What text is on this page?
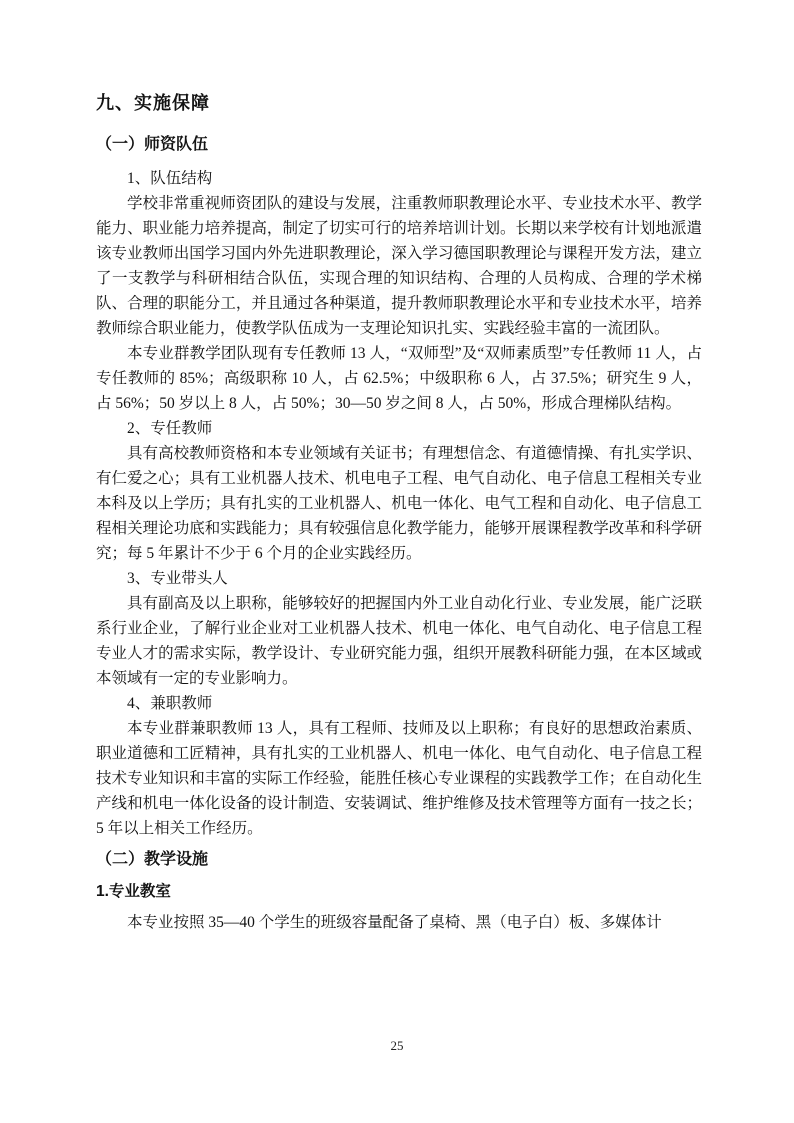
九、实施保障
（一）师资队伍

1、队伍结构

学校非常重视师资团队的建设与发展，注重教师职教理论水平、专业技术水平、教学能力、职业能力培养提高，制定了切实可行的培养培训计划。长期以来学校有计划地派遣该专业教师出国学习国内外先进职教理论，深入学习德国职教理论与课程开发方法，建立了一支教学与科研相结合队伍，实现合理的知识结构、合理的人员构成、合理的学术梯队、合理的职能分工，并且通过各种渠道，提升教师职教理论水平和专业技术水平，培养教师综合职业能力，使教学队伍成为一支理论知识扎实、实践经验丰富的一流团队。

本专业群教学团队现有专任教师 13 人，“双师型”及“双师素质型”专任教师 11 人，占专任教师的 85%；高级职称 10 人，占 62.5%；中级职称 6 人，占 37.5%；研究生 9 人，占 56%；50 岁以上 8 人，占 50%；30—50 岁之间 8 人，占 50%，形成合理梯队结构。

2、专任教师

具有高校教师资格和本专业领域有关证书；有理想信念、有道德情操、有扎实学识、有仁爱之心；具有工业机器人技术、机电电子工程、电气自动化、电子信息工程相关专业本科及以上学历；具有扎实的工业机器人、机电一体化、电气工程和自动化、电子信息工程相关理论功底和实践能力；具有较强信息化教学能力，能够开展课程教学改革和科学研究；每 5 年累计不少于 6 个月的企业实践经历。

3、专业带头人

具有副高及以上职称，能够较好的把握国内外工业自动化行业、专业发展，能广泛联系行业企业，了解行业企业对工业机器人技术、机电一体化、电气自动化、电子信息工程专业人才的需求实际，教学设计、专业研究能力强，组织开展教科研能力强，在本区域或本领域有一定的专业影响力。

4、兼职教师

本专业群兼职教师 13 人，具有工程师、技师及以上职称；有良好的思想政治素质、职业道德和工匠精神，具有扎实的工业机器人、机电一体化、电气自动化、电子信息工程技术专业知识和丰富的实际工作经验，能胜任核心专业课程的实践教学工作；在自动化生产线和机电一体化设备的设计制造、安装调试、维护维修及技术管理等方面有一技之长；5 年以上相关工作经历。

（二）教学设施
1.专业教室

本专业按照 35—40 个学生的班级容量配备了桌椅、黑（电子白）板、多媒体计

25
